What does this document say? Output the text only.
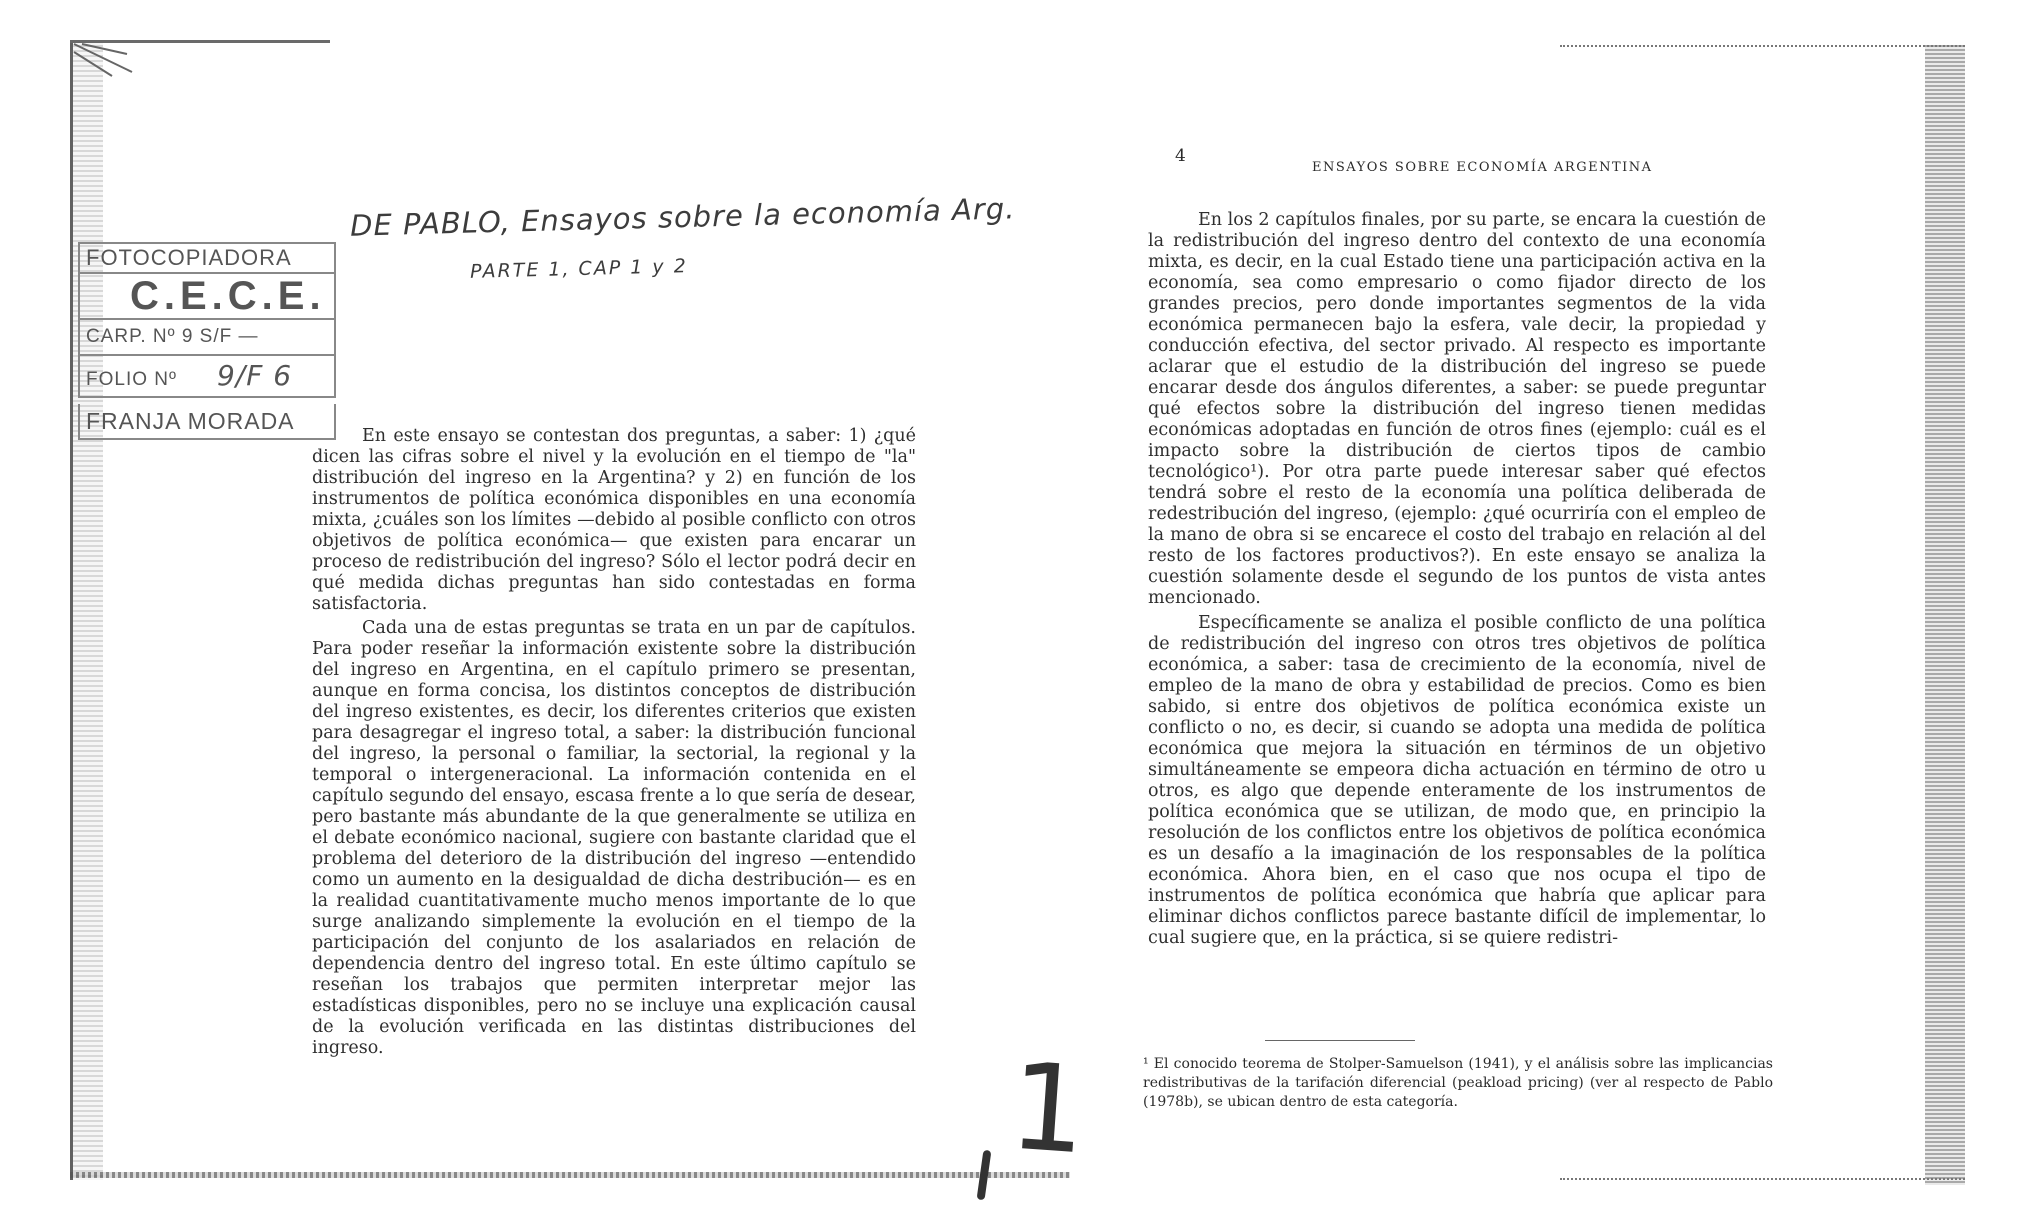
DE PABLO, Ensayos sobre la economía Arg.
PARTE 1, CAP 1 y 2
FOTOCOPIADORA
C.E.C.E.
CARP. Nº 9 S/F —
FOLIO Nº 9/F 6
FRANJA MORADA

En este ensayo se contestan dos preguntas, a saber: 1) ¿qué dicen las cifras sobre el nivel y la evolución en el tiempo de "la" distribución del ingreso en la Argentina? y 2) en función de los instrumentos de política económica disponibles en una economía mixta, ¿cuáles son los límites —debido al posible conflicto con otros objetivos de política económica— que existen para encarar un proceso de redistribución del ingreso? Sólo el lector podrá decir en qué medida dichas preguntas han sido contestadas en forma satisfactoria.

Cada una de estas preguntas se trata en un par de capítulos. Para poder reseñar la información existente sobre la distribución del ingreso en Argentina, en el capítulo primero se presentan, aunque en forma concisa, los distintos conceptos de distribución del ingreso existentes, es decir, los diferentes criterios que existen para desagregar el ingreso total, a saber: la distribución funcional del ingreso, la personal o familiar, la sectorial, la regional y la temporal o intergeneracional. La información contenida en el capítulo segundo del ensayo, escasa frente a lo que sería de desear, pero bastante más abundante de la que generalmente se utiliza en el debate económico nacional, sugiere con bastante claridad que el problema del deterioro de la distribución del ingreso —entendido como un aumento en la desigualdad de dicha destribución— es en la realidad cuantitativamente mucho menos importante de lo que surge analizando simplemente la evolución en el tiempo de la participación del conjunto de los asalariados en relación de dependencia dentro del ingreso total. En este último capítulo se reseñan los trabajos que permiten interpretar mejor las estadísticas disponibles, pero no se incluye una explicación causal de la evolución verificada en las distintas distribuciones del ingreso.

4
ENSAYOS SOBRE ECONOMÍA ARGENTINA

En los 2 capítulos finales, por su parte, se encara la cuestión de la redistribución del ingreso dentro del contexto de una economía mixta, es decir, en la cual Estado tiene una participación activa en la economía, sea como empresario o como fijador directo de los grandes precios, pero donde importantes segmentos de la vida económica permanecen bajo la esfera, vale decir, la propiedad y conducción efectiva, del sector privado. Al respecto es importante aclarar que el estudio de la distribución del ingreso se puede encarar desde dos ángulos diferentes, a saber: se puede preguntar qué efectos sobre la distribución del ingreso tienen medidas económicas adoptadas en función de otros fines (ejemplo: cuál es el impacto sobre la distribución de ciertos tipos de cambio tecnológico¹). Por otra parte puede interesar saber qué efectos tendrá sobre el resto de la economía una política deliberada de redestribución del ingreso, (ejemplo: ¿qué ocurriría con el empleo de la mano de obra si se encarece el costo del trabajo en relación al del resto de los factores productivos?). En este ensayo se analiza la cuestión solamente desde el segundo de los puntos de vista antes mencionado.

Específicamente se analiza el posible conflicto de una política de redistribución del ingreso con otros tres objetivos de política económica, a saber: tasa de crecimiento de la economía, nivel de empleo de la mano de obra y estabilidad de precios. Como es bien sabido, si entre dos objetivos de política económica existe un conflicto o no, es decir, si cuando se adopta una medida de política económica que mejora la situación en términos de un objetivo simultáneamente se empeora dicha actuación en término de otro u otros, es algo que depende enteramente de los instrumentos de política económica que se utilizan, de modo que, en principio la resolución de los conflictos entre los objetivos de política económica es un desafío a la imaginación de los responsables de la política económica. Ahora bien, en el caso que nos ocupa el tipo de instrumentos de política económica que habría que aplicar para eliminar dichos conflictos parece bastante difícil de implementar, lo cual sugiere que, en la práctica, si se quiere redistri-

¹ El conocido teorema de Stolper-Samuelson (1941), y el análisis sobre las implicancias redistributivas de la tarifación diferencial (peakload pricing) (ver al respecto de Pablo (1978b), se ubican dentro de esta categoría.
1
